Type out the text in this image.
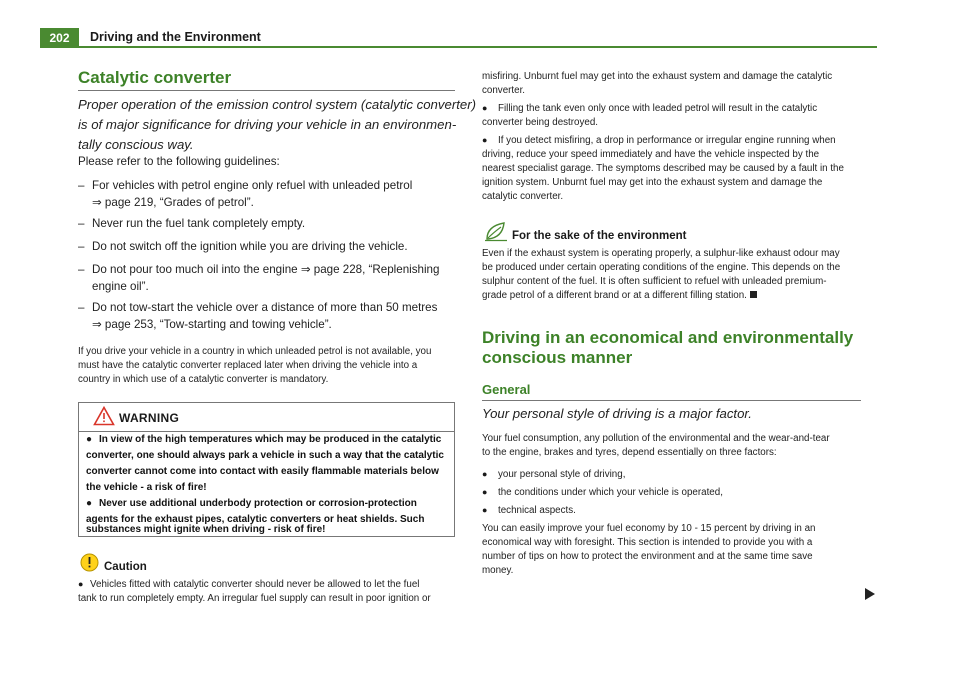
202	Driving and the Environment
Catalytic converter
Proper operation of the emission control system (catalytic converter)
is of major significance for driving your vehicle in an environmen-
tally conscious way.
Please refer to the following guidelines:
– For vehicles with petrol engine only refuel with unleaded petrol
⇒ page 219, “Grades of petrol”.
– Never run the fuel tank completely empty.
– Do not switch off the ignition while you are driving the vehicle.
– Do not pour too much oil into the engine ⇒ page 228, “Replenishing
engine oil”.
– Do not tow-start the vehicle over a distance of more than 50 metres
⇒ page 253, “Tow-starting and towing vehicle”.
If you drive your vehicle in a country in which unleaded petrol is not available, you
must have the catalytic converter replaced later when driving the vehicle into a
country in which use of a catalytic converter is mandatory.
WARNING
● In view of the high temperatures which may be produced in the catalytic
converter, one should always park a vehicle in such a way that the catalytic
converter cannot come into contact with easily flammable materials below
the vehicle - a risk of fire!
● Never use additional underbody protection or corrosion-protection
agents for the exhaust pipes, catalytic converters or heat shields. Such
substances might ignite when driving - risk of fire!
Caution
● Vehicles fitted with catalytic converter should never be allowed to let the fuel
tank to run completely empty. An irregular fuel supply can result in poor ignition or
misfiring. Unburnt fuel may get into the exhaust system and damage the catalytic
converter.
● Filling the tank even only once with leaded petrol will result in the catalytic
converter being destroyed.
● If you detect misfiring, a drop in performance or irregular engine running when
driving, reduce your speed immediately and have the vehicle inspected by the
nearest specialist garage. The symptoms described may be caused by a fault in the
ignition system. Unburnt fuel may get into the exhaust system and damage the
catalytic converter.
For the sake of the environment
Even if the exhaust system is operating properly, a sulphur-like exhaust odour may
be produced under certain operating conditions of the engine. This depends on the
sulphur content of the fuel. It is often sufficient to refuel with unleaded premium-
grade petrol of a different brand or at a different filling station.
Driving in an economical and environmentally
conscious manner
General
Your personal style of driving is a major factor.
Your fuel consumption, any pollution of the environmental and the wear-and-tear
to the engine, brakes and tyres, depend essentially on three factors:
● your personal style of driving,
● the conditions under which your vehicle is operated,
● technical aspects.
You can easily improve your fuel economy by 10 - 15 percent by driving in an
economical way with foresight. This section is intended to provide you with a
number of tips on how to protect the environment and at the same time save
money.
